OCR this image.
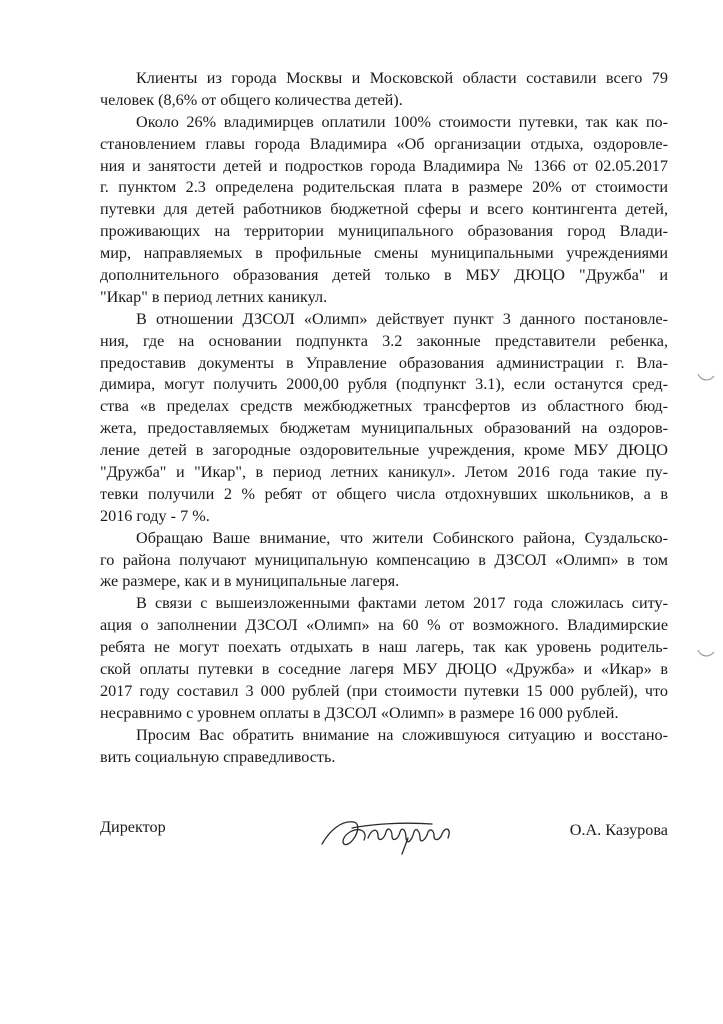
Клиенты из города Москвы и Московской области составили всего 79
человек (8,6% от общего количества детей).
Около 26% владимирцев оплатили 100% стоимости путевки, так как по-
становлением главы города Владимира «Об организации отдыха, оздоровле-
ния и занятости детей и подростков города Владимира № 1366 от 02.05.2017
г. пунктом 2.3 определена родительская плата в размере 20% от стоимости
путевки для детей работников бюджетной сферы и всего контингента детей,
проживающих на территории муниципального образования город Влади-
мир, направляемых в профильные смены муниципальными учреждениями
дополнительного образования детей только в МБУ ДЮЦО "Дружба" и
"Икар" в период летних каникул.
В отношении ДЗСОЛ «Олимп» действует пункт 3 данного постановле-
ния, где на основании подпункта 3.2 законные представители ребенка,
предоставив документы в Управление образования администрации г. Вла-
димира, могут получить 2000,00 рубля (подпункт 3.1), если останутся сред-
ства «в пределах средств межбюджетных трансфертов из областного бюд-
жета, предоставляемых бюджетам муниципальных образований на оздоров-
ление детей в загородные оздоровительные учреждения, кроме МБУ ДЮЦО
"Дружба" и "Икар", в период летних каникул». Летом 2016 года такие пу-
тевки получили 2 % ребят от общего числа отдохнувших школьников, а в
2016 году - 7 %.
Обращаю Ваше внимание, что жители Собинского района, Суздальско-
го района получают муниципальную компенсацию в ДЗСОЛ «Олимп» в том
же размере, как и в муниципальные лагеря.
В связи с вышеизложенными фактами летом 2017 года сложилась ситу-
ация о заполнении ДЗСОЛ «Олимп» на 60 % от возможного. Владимирские
ребята не могут поехать отдыхать в наш лагерь, так как уровень родитель-
ской оплаты путевки в соседние лагеря МБУ ДЮЦО «Дружба» и «Икар» в
2017 году составил 3 000 рублей (при стоимости путевки 15 000 рублей), что
несравнимо с уровнем оплаты в ДЗСОЛ «Олимп» в размере 16 000 рублей.
Просим Вас обратить внимание на сложившуюся ситуацию и восстано-
вить социальную справедливость.
Директор	О.А. Казурова
